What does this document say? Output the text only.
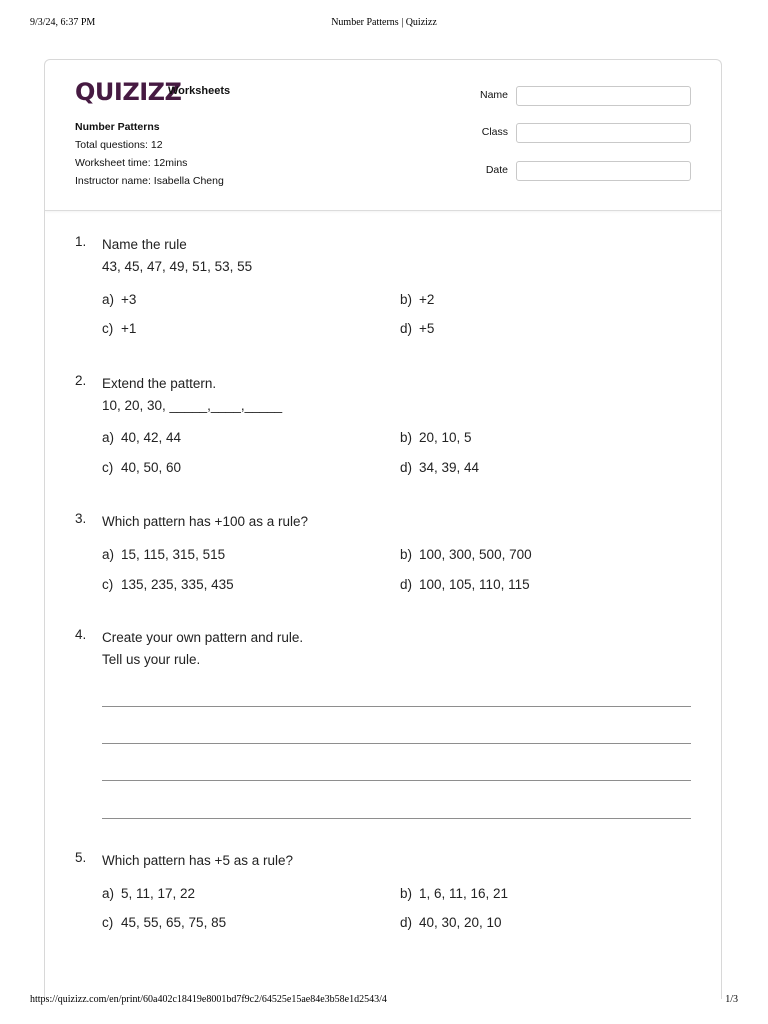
9/3/24, 6:37 PM	Number Patterns | Quizizz
QUIZIZZ
Worksheets
Number Patterns
Total questions: 12
Worksheet time: 12mins
Instructor name: Isabella Cheng
Name
Class
Date
1. Name the rule
43, 45, 47, 49, 51, 53, 55
a) +3	b) +2
c) +1	d) +5
2. Extend the pattern.
10, 20, 30, _____,____,_____
a) 40, 42, 44	b) 20, 10, 5
c) 40, 50, 60	d) 34, 39, 44
3. Which pattern has +100 as a rule?
a) 15, 115, 315, 515	b) 100, 300, 500, 700
c) 135, 235, 335, 435	d) 100, 105, 110, 115
4. Create your own pattern and rule.
Tell us your rule.
5. Which pattern has +5 as a rule?
a) 5, 11, 17, 22	b) 1, 6, 11, 16, 21
c) 45, 55, 65, 75, 85	d) 40, 30, 20, 10
https://quizizz.com/en/print/60a402c18419e8001bd7f9c2/64525e15ae84e3b58e1d2543/4	1/3
